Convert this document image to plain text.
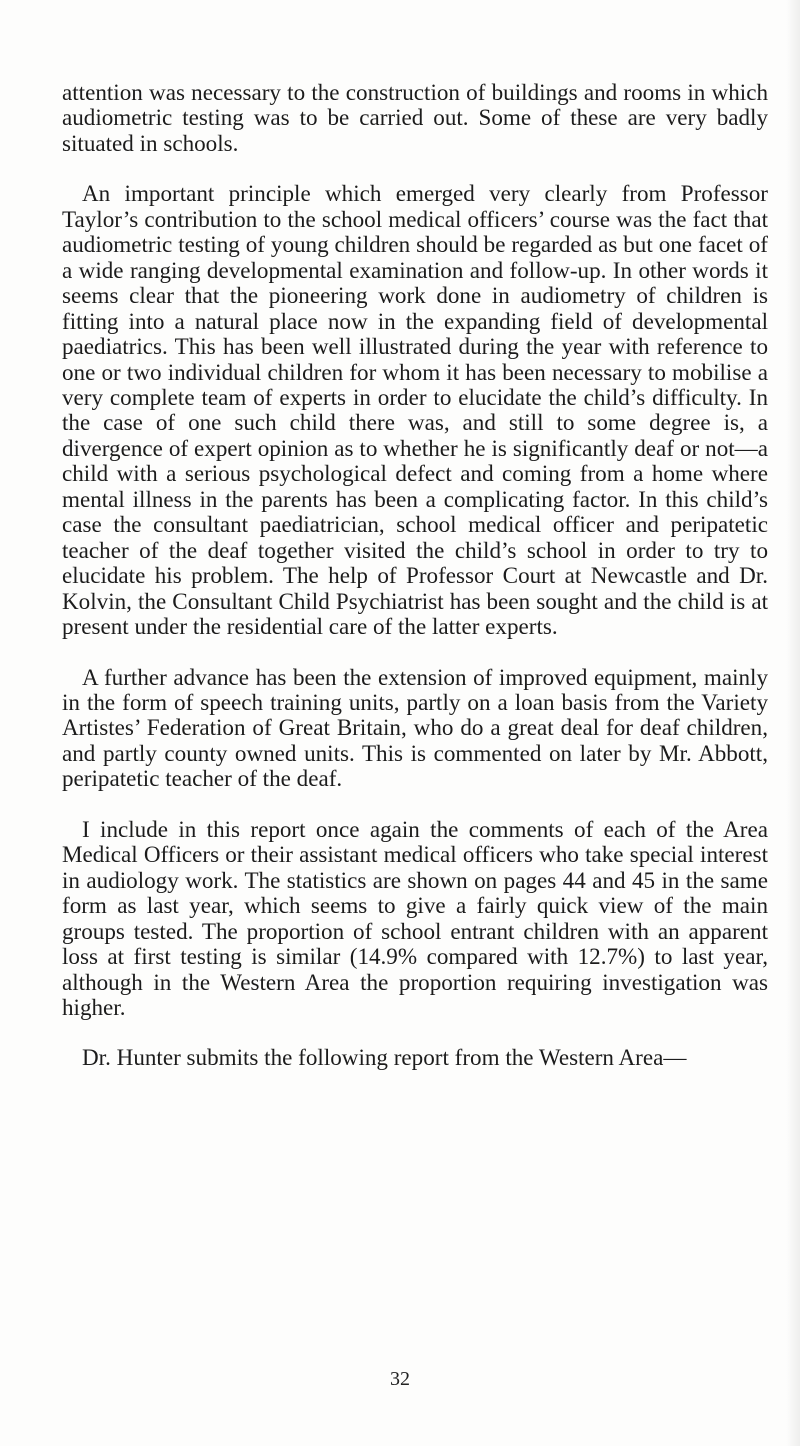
attention was necessary to the construction of buildings and rooms in which audiometric testing was to be carried out. Some of these are very badly situated in schools.

An important principle which emerged very clearly from Professor Taylor’s contribution to the school medical officers’ course was the fact that audiometric testing of young children should be regarded as but one facet of a wide ranging developmental examination and follow-up. In other words it seems clear that the pioneering work done in audiometry of children is fitting into a natural place now in the expanding field of developmental paediatrics. This has been well illustrated during the year with reference to one or two individual children for whom it has been necessary to mobilise a very complete team of experts in order to elucidate the child’s difficulty. In the case of one such child there was, and still to some degree is, a divergence of expert opinion as to whether he is significantly deaf or not—a child with a serious psychological defect and coming from a home where mental illness in the parents has been a complicating factor. In this child’s case the consultant paediatrician, school medical officer and peripatetic teacher of the deaf together visited the child’s school in order to try to elucidate his problem. The help of Professor Court at Newcastle and Dr. Kolvin, the Consultant Child Psychiatrist has been sought and the child is at present under the residential care of the latter experts.

A further advance has been the extension of improved equipment, mainly in the form of speech training units, partly on a loan basis from the Variety Artistes’ Federation of Great Britain, who do a great deal for deaf children, and partly county owned units. This is commented on later by Mr. Abbott, peripatetic teacher of the deaf.

I include in this report once again the comments of each of the Area Medical Officers or their assistant medical officers who take special interest in audiology work. The statistics are shown on pages 44 and 45 in the same form as last year, which seems to give a fairly quick view of the main groups tested. The proportion of school entrant children with an apparent loss at first testing is similar (14.9% compared with 12.7%) to last year, although in the Western Area the proportion requiring investigation was higher.

Dr. Hunter submits the following report from the Western Area—

32
